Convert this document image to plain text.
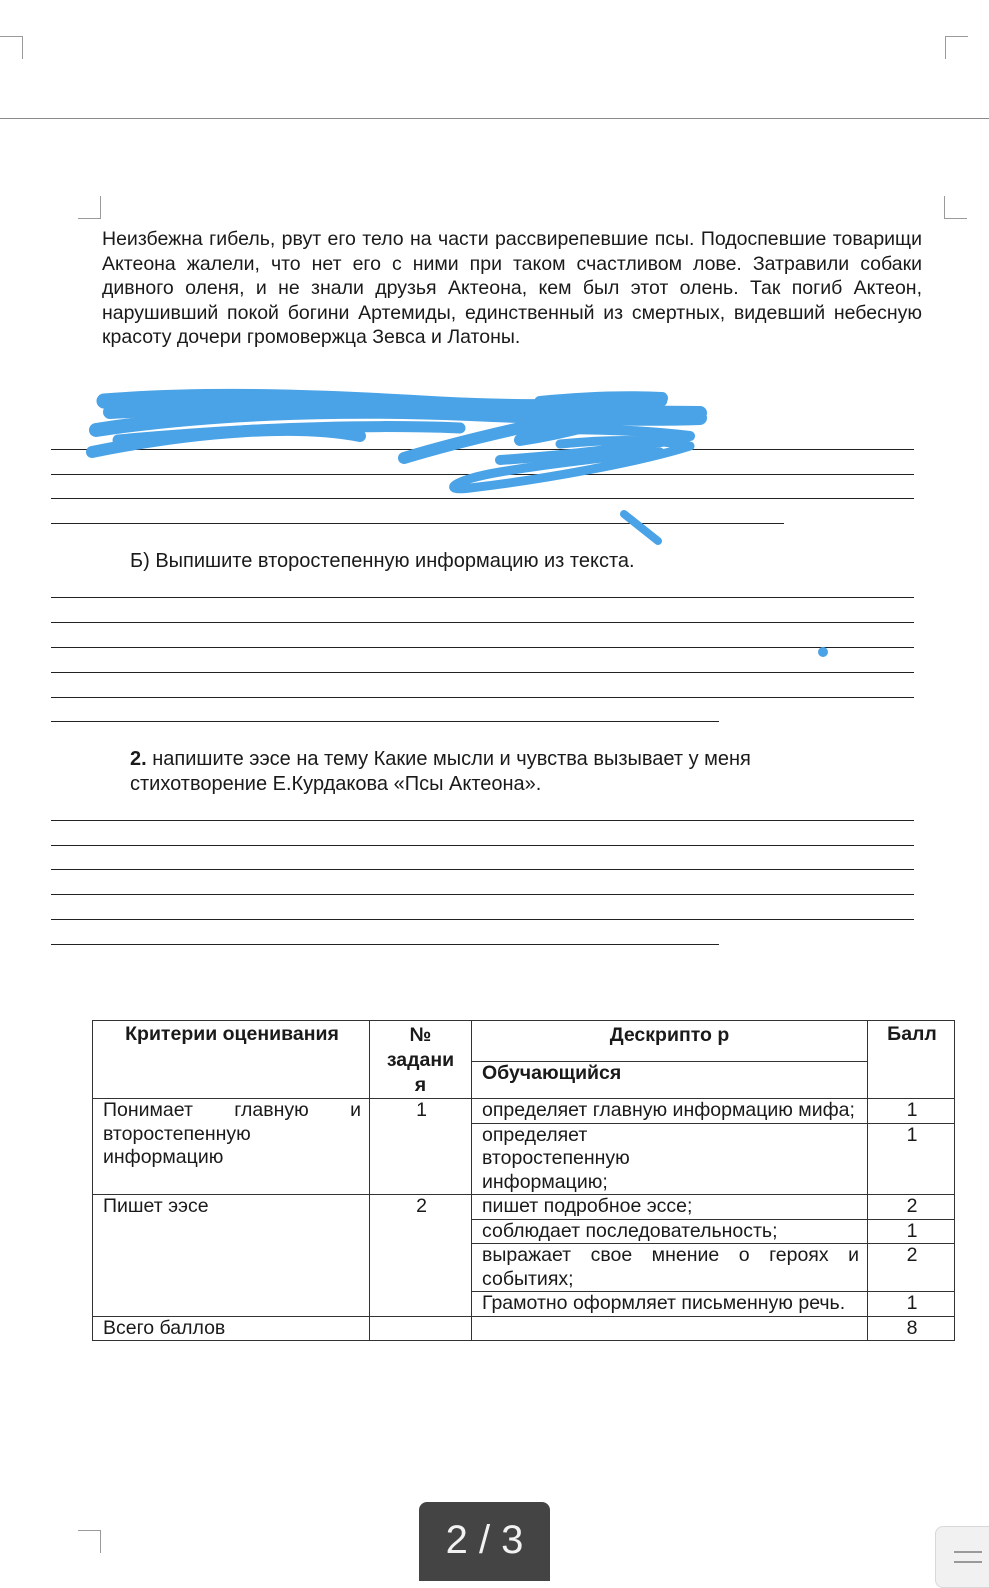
Неизбежна гибель, рвут его тело на части рассвирепевшие псы. Подоспевшие товарищи Актеона жалели, что нет его с ними при таком счастливом лове. Затравили собаки дивного оленя, и не знали друзья Актеона, кем был этот олень. Так погиб Актеон, нарушивший покой богини Артемиды, единственный из смертных, видевший небесную красоту дочери громовержца Зевса и Латоны.

Б) Выпишите второстепенную информацию из текста.

2. напишите ээсе на тему Какие мысли и чувства вызывает у меня стихотворение Е.Курдакова «Псы Актеона».

Критерии оценивания	№ задани я	Дескрипто р	Балл
		Обучающийся	
Понимает главную и второстепенную информацию	1	определяет главную информацию мифа;	1
		определяет второстепенную информацию;	1
Пишет ээсе	2	пишет подробное эссе;	2
		соблюдает последовательность;	1
		выражает свое мнение о героях и событиях;	2
		Грамотно оформляет письменную речь.	1
Всего баллов			8
2 / 3
